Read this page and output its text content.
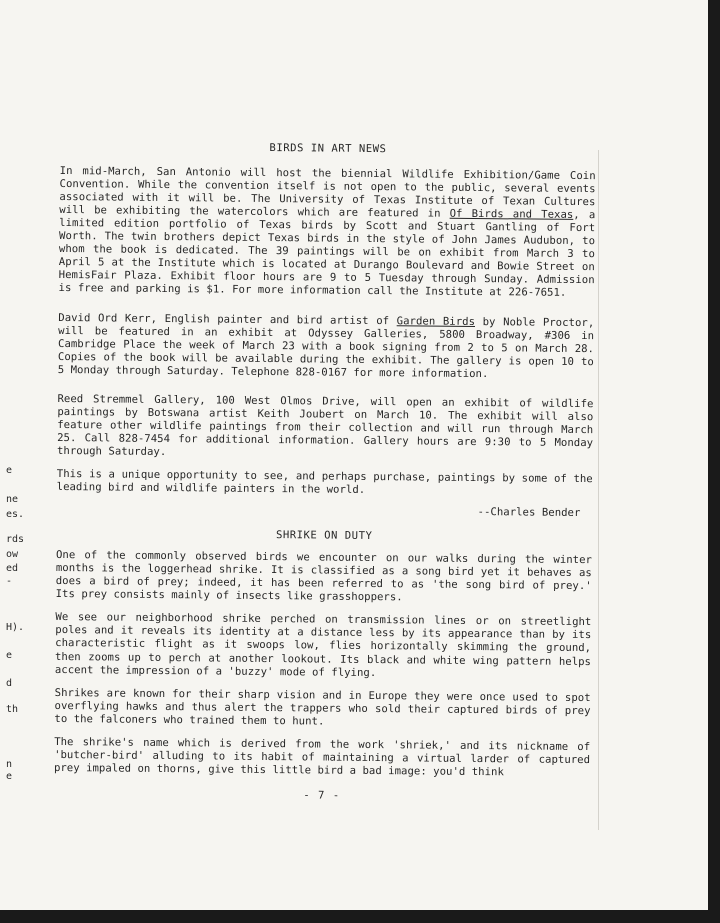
BIRDS IN ART NEWS

In mid-March, San Antonio will host the biennial Wildlife Exhibition/Game Coin Convention. While the convention itself is not open to the public, several events associated with it will be. The University of Texas Institute of Texan Cultures will be exhibiting the watercolors which are featured in Of Birds and Texas, a limited edition portfolio of Texas birds by Scott and Stuart Gantling of Fort Worth. The twin brothers depict Texas birds in the style of John James Audubon, to whom the book is dedicated. The 39 paintings will be on exhibit from March 3 to April 5 at the Institute which is located at Durango Boulevard and Bowie Street on HemisFair Plaza. Exhibit floor hours are 9 to 5 Tuesday through Sunday. Admission is free and parking is $1. For more information call the Institute at 226-7651.

David Ord Kerr, English painter and bird artist of Garden Birds by Noble Proctor, will be featured in an exhibit at Odyssey Galleries, 5800 Broadway, #306 in Cambridge Place the week of March 23 with a book signing from 2 to 5 on March 28. Copies of the book will be available during the exhibit. The gallery is open 10 to 5 Monday through Saturday. Telephone 828-0167 for more information.

Reed Stremmel Gallery, 100 West Olmos Drive, will open an exhibit of wildlife paintings by Botswana artist Keith Joubert on March 10. The exhibit will also feature other wildlife paintings from their collection and will run through March 25. Call 828-7454 for additional information. Gallery hours are 9:30 to 5 Monday through Saturday.

This is a unique opportunity to see, and perhaps purchase, paintings by some of the leading bird and wildlife painters in the world.

--Charles Bender
SHRIKE ON DUTY

One of the commonly observed birds we encounter on our walks during the winter months is the loggerhead shrike. It is classified as a song bird yet it behaves as does a bird of prey; indeed, it has been referred to as 'the song bird of prey.' Its prey consists mainly of insects like grasshoppers.

We see our neighborhood shrike perched on transmission lines or on streetlight poles and it reveals its identity at a distance less by its appearance than by its characteristic flight as it swoops low, flies horizontally skimming the ground, then zooms up to perch at another lookout. Its black and white wing pattern helps accent the impression of a 'buzzy' mode of flying.

Shrikes are known for their sharp vision and in Europe they were once used to spot overflying hawks and thus alert the trappers who sold their captured birds of prey to the falconers who trained them to hunt.

The shrike's name which is derived from the work 'shriek,' and its nickname of 'butcher-bird' alluding to its habit of maintaining a virtual larder of captured prey impaled on thorns, give this little bird a bad image: you'd think

- 7 -
e
ne
es.
rds
ow
ed
-
H).
e
d
th
n
e
